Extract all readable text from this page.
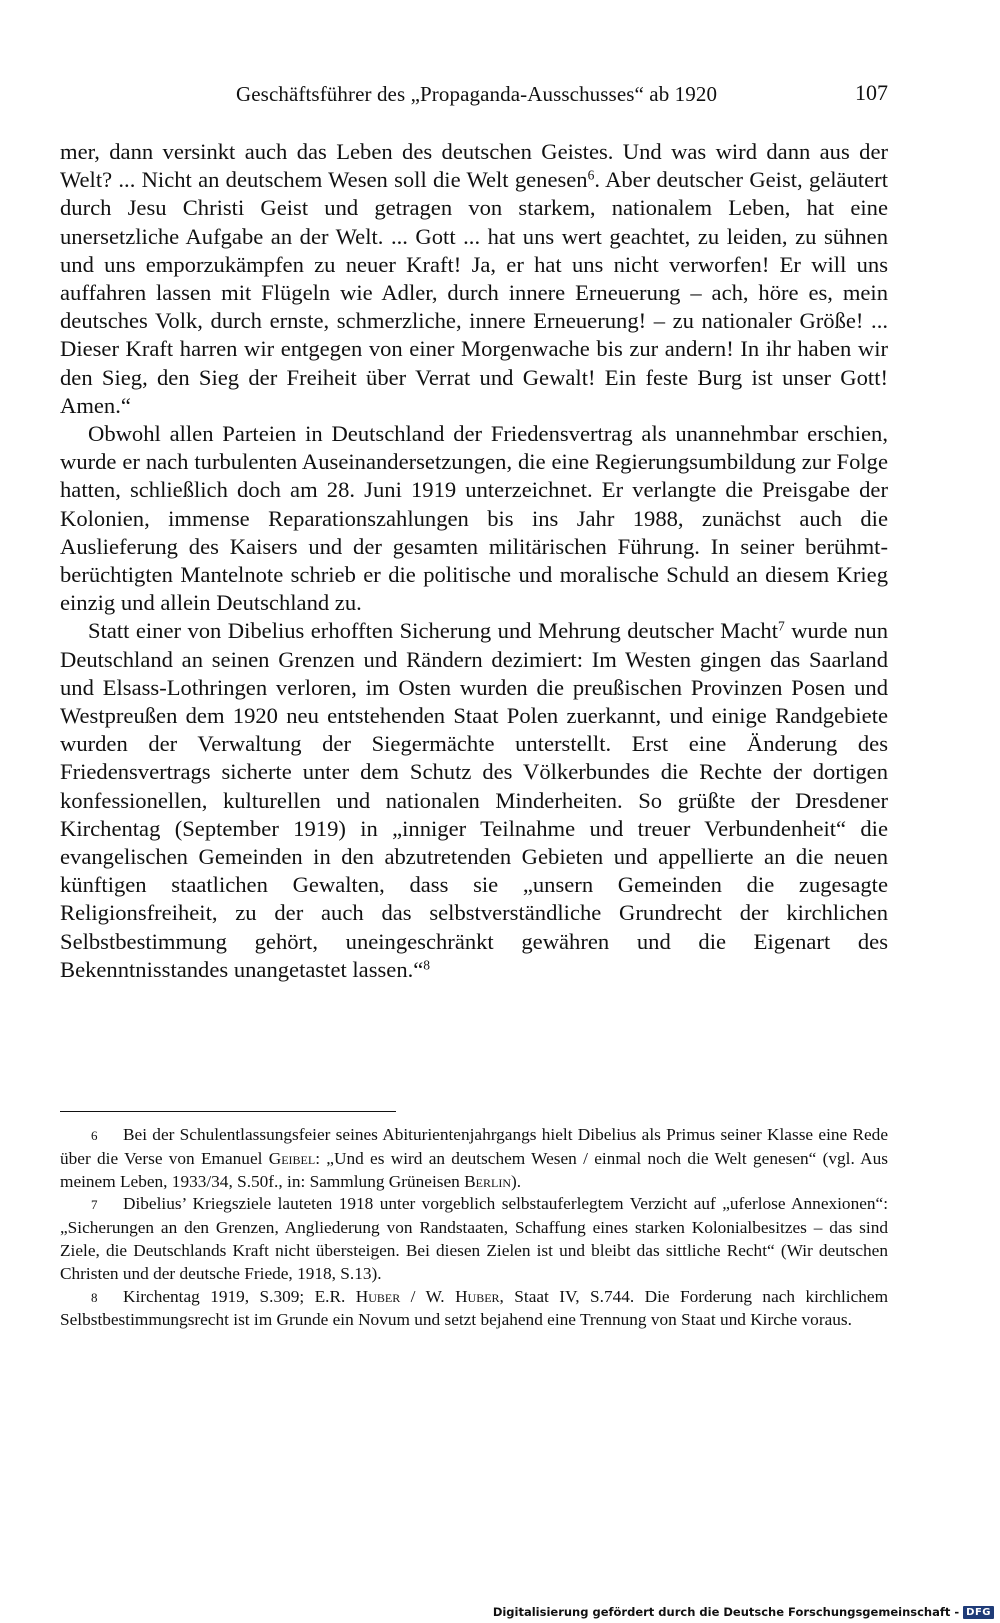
Geschäftsführer des „Propaganda-Ausschusses“ ab 1920	107

mer, dann versinkt auch das Leben des deutschen Geistes. Und was wird dann aus der Welt? ... Nicht an deutschem Wesen soll die Welt genesen$^6$. Aber deutscher Geist, geläutert durch Jesu Christi Geist und getragen von starkem, nationalem Leben, hat eine unersetzliche Aufgabe an der Welt. ... Gott ... hat uns wert geachtet, zu leiden, zu sühnen und uns emporzukämpfen zu neuer Kraft! Ja, er hat uns nicht verworfen! Er will uns auffahren lassen mit Flügeln wie Adler, durch innere Erneuerung – ach, höre es, mein deutsches Volk, durch ernste, schmerzliche, innere Erneuerung! – zu nationaler Größe! ... Dieser Kraft harren wir entgegen von einer Morgenwache bis zur andern! In ihr haben wir den Sieg, den Sieg der Freiheit über Verrat und Gewalt! Ein feste Burg ist unser Gott! Amen.“

Obwohl allen Parteien in Deutschland der Friedensvertrag als unannehmbar erschien, wurde er nach turbulenten Auseinandersetzungen, die eine Regierungsumbildung zur Folge hatten, schließlich doch am 28. Juni 1919 unterzeichnet. Er verlangte die Preisgabe der Kolonien, immense Reparationszahlungen bis ins Jahr 1988, zunächst auch die Auslieferung des Kaisers und der gesamten militärischen Führung. In seiner berühmt-berüchtigten Mantelnote schrieb er die politische und moralische Schuld an diesem Krieg einzig und allein Deutschland zu.

Statt einer von Dibelius erhofften Sicherung und Mehrung deutscher Macht$^7$ wurde nun Deutschland an seinen Grenzen und Rändern dezimiert: Im Westen gingen das Saarland und Elsass-Lothringen verloren, im Osten wurden die preußischen Provinzen Posen und Westpreußen dem 1920 neu entstehenden Staat Polen zuerkannt, und einige Randgebiete wurden der Verwaltung der Siegermächte unterstellt. Erst eine Änderung des Friedensvertrags sicherte unter dem Schutz des Völkerbundes die Rechte der dortigen konfessionellen, kulturellen und nationalen Minderheiten. So grüßte der Dresdener Kirchentag (September 1919) in „inniger Teilnahme und treuer Verbundenheit“ die evangelischen Gemeinden in den abzutretenden Gebieten und appellierte an die neuen künftigen staatlichen Gewalten, dass sie „unsern Gemeinden die zugesagte Religionsfreiheit, zu der auch das selbstverständliche Grundrecht der kirchlichen Selbstbestimmung gehört, uneingeschränkt gewähren und die Eigenart des Bekenntnisstandes unangetastet lassen.“$^8$

6 Bei der Schulentlassungsfeier seines Abiturientenjahrgangs hielt Dibelius als Primus seiner Klasse eine Rede über die Verse von Emanuel Geibel: „Und es wird an deutschem Wesen / einmal noch die Welt genesen“ (vgl. Aus meinem Leben, 1933/34, S.50f., in: Sammlung Grüneisen Berlin).

7 Dibelius’ Kriegsziele lauteten 1918 unter vorgeblich selbstauferlegtem Verzicht auf „uferlose Annexionen“: „Sicherungen an den Grenzen, Angliederung von Randstaaten, Schaffung eines starken Kolonialbesitzes – das sind Ziele, die Deutschlands Kraft nicht übersteigen. Bei diesen Zielen ist und bleibt das sittliche Recht“ (Wir deutschen Christen und der deutsche Friede, 1918, S.13).

8 Kirchentag 1919, S.309; E.R. Huber / W. Huber, Staat IV, S.744. Die Forderung nach kirchlichem Selbstbestimmungsrecht ist im Grunde ein Novum und setzt bejahend eine Trennung von Staat und Kirche voraus.

Digitalisierung gefördert durch die Deutsche Forschungsgemeinschaft - DFG
